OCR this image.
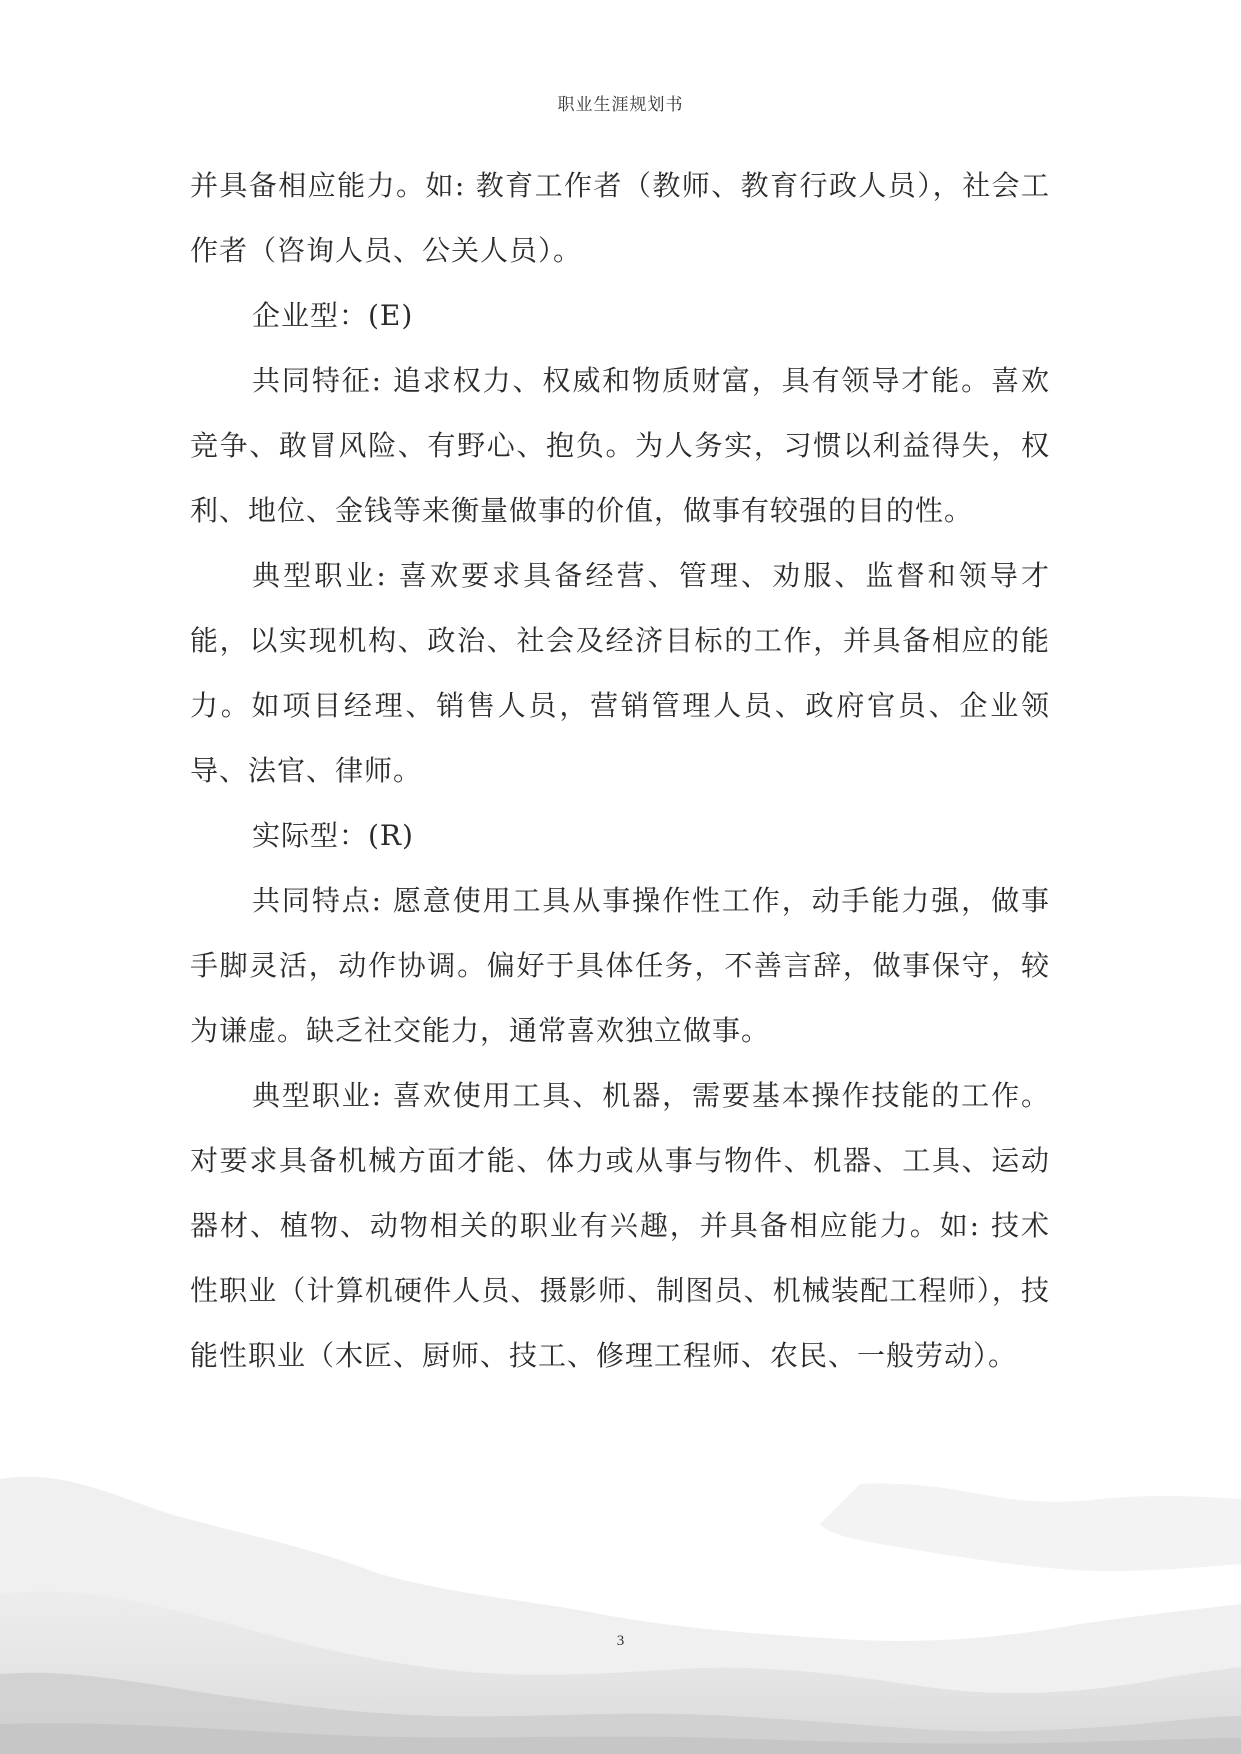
职业生涯规划书

并具备相应能力。如: 教育工作者（教师、教育行政人员），社会工作者（咨询人员、公关人员）。

企业型：(E)

共同特征: 追求权力、权威和物质财富，具有领导才能。喜欢竞争、敢冒风险、有野心、抱负。为人务实，习惯以利益得失，权利、地位、金钱等来衡量做事的价值，做事有较强的目的性。

典型职业: 喜欢要求具备经营、管理、劝服、监督和领导才能，以实现机构、政治、社会及经济目标的工作，并具备相应的能力。如项目经理、销售人员，营销管理人员、政府官员、企业领导、法官、律师。

实际型：(R)

共同特点: 愿意使用工具从事操作性工作，动手能力强，做事手脚灵活，动作协调。偏好于具体任务，不善言辞，做事保守，较为谦虚。缺乏社交能力，通常喜欢独立做事。

典型职业: 喜欢使用工具、机器，需要基本操作技能的工作。对要求具备机械方面才能、体力或从事与物件、机器、工具、运动器材、植物、动物相关的职业有兴趣，并具备相应能力。如: 技术性职业（计算机硬件人员、摄影师、制图员、机械装配工程师），技能性职业（木匠、厨师、技工、修理工程师、农民、一般劳动）。

3
